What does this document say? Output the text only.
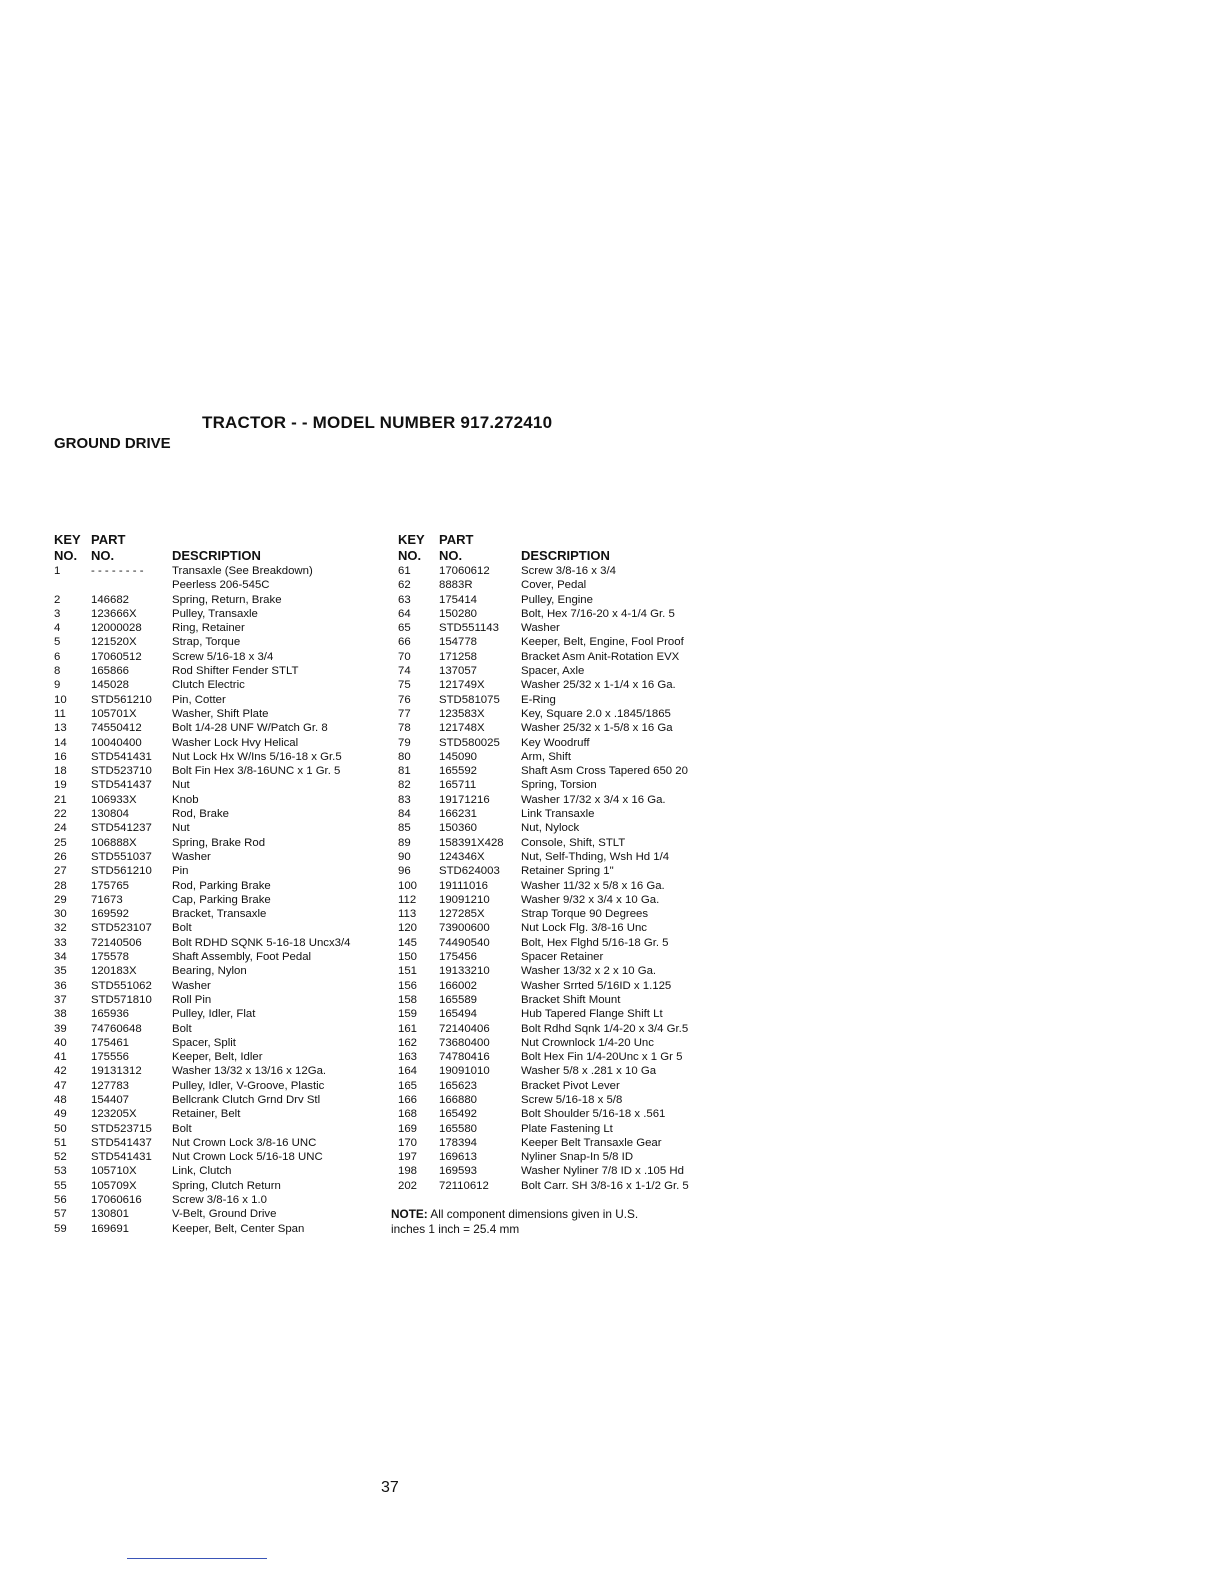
TRACTOR - - MODEL NUMBER 917.272410
GROUND DRIVE
KEY
NO.
PART
NO.	DESCRIPTION
1	- - - - - - - -	Transaxle (See Breakdown)
Peerless 206-545C
2	146682	Spring, Return, Brake
3	123666X	Pulley, Transaxle
4	12000028	Ring, Retainer
5	121520X	Strap, Torque
6	17060512	Screw 5/16-18 x 3/4
8	165866	Rod Shifter Fender STLT
9	145028	Clutch Electric
10 STD561210 Pin, Cotter
11 105701X	Washer, Shift Plate
13 74550412	Bolt 1/4-28 UNF W/Patch Gr. 8
14 10040400	Washer Lock Hvy Helical
16 STD541431 Nut Lock Hx W/Ins 5/16-18 x Gr.5
18 STD523710 Bolt Fin Hex 3/8-16UNC x 1 Gr. 5
19 STD541437 Nut
21 106933X	Knob
22 130804	Rod, Brake
24 STD541237 Nut
25 106888X	Spring, Brake Rod
26 STD551037 Washer
27 STD561210 Pin
28 175765	Rod, Parking Brake
29 71673	Cap, Parking Brake
30 169592	Bracket, Transaxle
32 STD523107 Bolt
33 72140506	Bolt RDHD SQNK 5-16-18 Uncx3/4
34 175578	Shaft Assembly, Foot Pedal
35 120183X	Bearing, Nylon
36 STD551062 Washer
37 STD571810 Roll Pin
38 165936	Pulley, Idler, Flat
39 74760648	Bolt
40 175461	Spacer, Split
41 175556	Keeper, Belt, Idler
42 19131312	Washer 13/32 x 13/16 x 12Ga.
47 127783	Pulley, Idler, V-Groove, Plastic
48 154407	Bellcrank Clutch Grnd Drv Stl
49 123205X	Retainer, Belt
50 STD523715 Bolt
51 STD541437 Nut Crown Lock 3/8-16 UNC
52 STD541431 Nut Crown Lock 5/16-18 UNC
53 105710X	Link, Clutch
55 105709X	Spring, Clutch Return
56 17060616	Screw 3/8-16 x 1.0
57 130801	V-Belt, Ground Drive
59 169691	Keeper, Belt, Center Span
KEY
NO.
PART
NO.	DESCRIPTION
61 17060612	Screw 3/8-16 x 3/4
62 8883R	Cover, Pedal
63 175414	Pulley, Engine
64 150280	Bolt, Hex 7/16-20 x 4-1/4 Gr. 5
65 STD551143 Washer
66 154778	Keeper, Belt, Engine, Fool Proof
70 171258	Bracket Asm Anit-Rotation EVX
74 137057	Spacer, Axle
75 121749X	Washer 25/32 x 1-1/4 x 16 Ga.
76 STD581075 E-Ring
77 123583X	Key, Square 2.0 x .1845/1865
78 121748X	Washer 25/32 x 1-5/8 x 16 Ga
79 STD580025 Key Woodruff
80 145090	Arm, Shift
81 165592	Shaft Asm Cross Tapered 650 20
82 165711	Spring, Torsion
83 19171216	Washer 17/32 x 3/4 x 16 Ga.
84 166231	Link Transaxle
85 150360	Nut, Nylock
89 158391X428 Console, Shift, STLT
90 124346X	Nut, Self-Thding, Wsh Hd 1/4
96 STD624003 Retainer Spring 1"
100 19111016	Washer 11/32 x 5/8 x 16 Ga.
112 19091210	Washer 9/32 x 3/4 x 10 Ga.
113 127285X	Strap Torque 90 Degrees
120 73900600	Nut Lock Flg. 3/8-16 Unc
145 74490540	Bolt, Hex Flghd 5/16-18 Gr. 5
150 175456	Spacer Retainer
151 19133210	Washer 13/32 x 2 x 10 Ga.
156 166002	Washer Srrted 5/16ID x 1.125
158 165589	Bracket Shift Mount
159 165494	Hub Tapered Flange Shift Lt
161 72140406	Bolt Rdhd Sqnk 1/4-20 x 3/4 Gr.5
162 73680400	Nut Crownlock 1/4-20 Unc
163 74780416	Bolt Hex Fin 1/4-20Unc x 1 Gr 5
164 19091010	Washer 5/8 x .281 x 10 Ga
165 165623	Bracket Pivot Lever
166 166880	Screw 5/16-18 x 5/8
168 165492	Bolt Shoulder 5/16-18 x .561
169 165580	Plate Fastening Lt
170 178394	Keeper Belt Transaxle Gear
197 169613	Nyliner Snap-In 5/8 ID
198 169593	Washer Nyliner 7/8 ID x .105 Hd
202 72110612	Bolt Carr. SH 3/8-16 x 1-1/2 Gr. 5
NOTE: All component dimensions given in U.S.
inches 1 inch = 25.4 mm
37
